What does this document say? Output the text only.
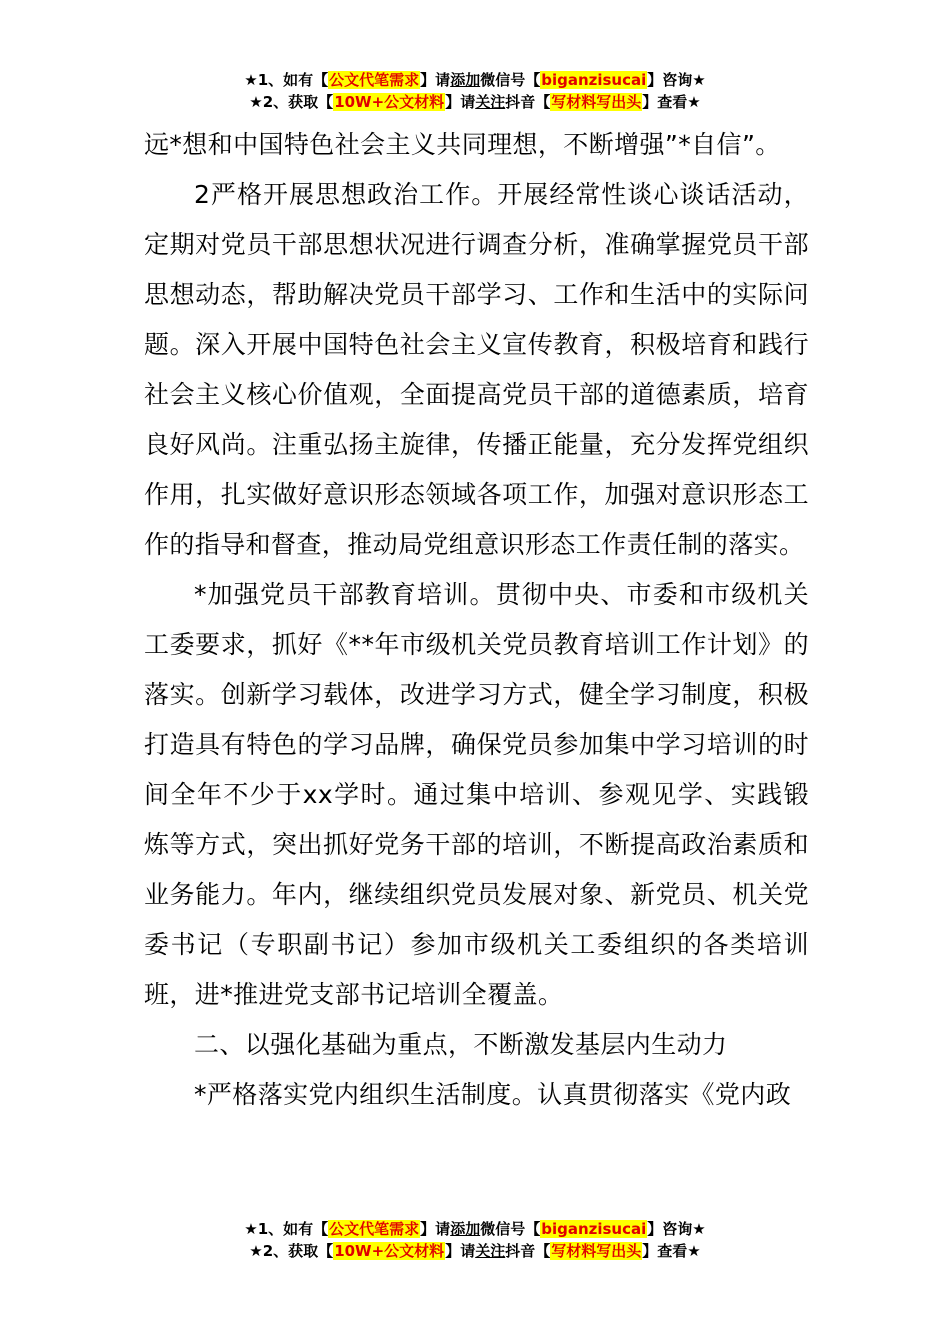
★1、如有【公文代笔需求】请添加微信号【biganzisucai】咨询★
★2、获取【10W+公文材料】请关注抖音【写材料写出头】查看★

远*想和中国特色社会主义共同理想，不断增强”*自信”。

2严格开展思想政治工作。开展经常性谈心谈话活动，定期对党员干部思想状况进行调查分析，准确掌握党员干部思想动态，帮助解决党员干部学习、工作和生活中的实际问题。深入开展中国特色社会主义宣传教育，积极培育和践行社会主义核心价值观，全面提高党员干部的道德素质，培育良好风尚。注重弘扬主旋律，传播正能量，充分发挥党组织作用，扎实做好意识形态领域各项工作，加强对意识形态工作的指导和督查，推动局党组意识形态工作责任制的落实。

*加强党员干部教育培训。贯彻中央、市委和市级机关工委要求，抓好《**年市级机关党员教育培训工作计划》的落实。创新学习载体，改进学习方式，健全学习制度，积极打造具有特色的学习品牌，确保党员参加集中学习培训的时间全年不少于xx学时。通过集中培训、参观见学、实践锻炼等方式，突出抓好党务干部的培训，不断提高政治素质和业务能力。年内，继续组织党员发展对象、新党员、机关党委书记（专职副书记）参加市级机关工委组织的各类培训班，进*推进党支部书记培训全覆盖。

二、以强化基础为重点，不断激发基层内生动力

*严格落实党内组织生活制度。认真贯彻落实《党内政

★1、如有【公文代笔需求】请添加微信号【biganzisucai】咨询★
★2、获取【10W+公文材料】请关注抖音【写材料写出头】查看★
